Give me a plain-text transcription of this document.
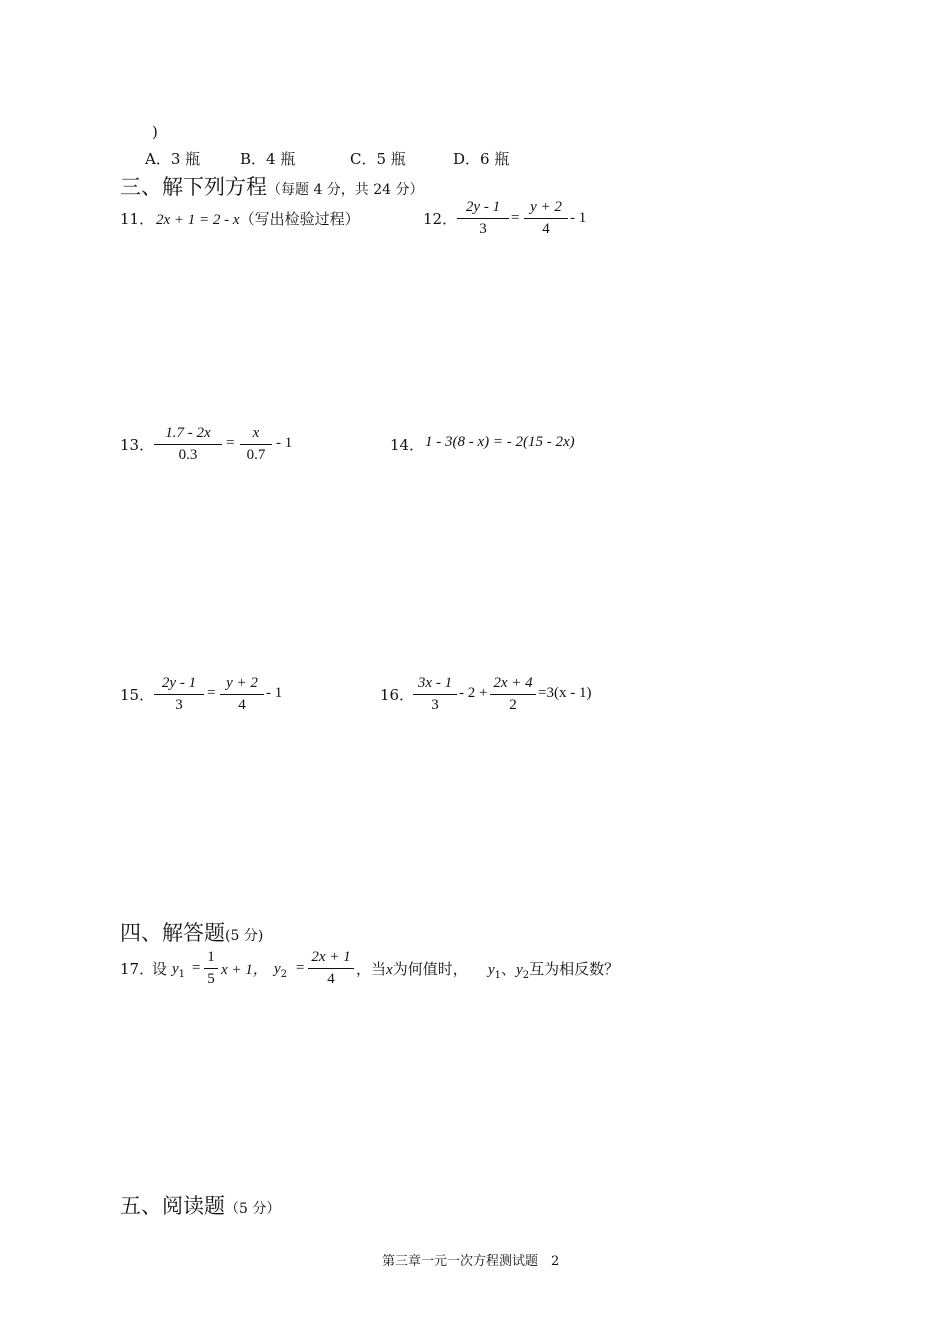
)
A．3 瓶	B．4 瓶	C．5 瓶	D．6 瓶
三、解下列方程（每题 4 分，共 24 分）
11． 2x + 1 = 2 - x（写出检验过程）	12．
2y - 1
3
=
y + 2
4
- 1
13．
1.7 - 2x
0.3
=
x
0.7
- 1	14． 1 - 3(8 - x) = - 2(15 - 2x)
15．
2y - 1
3
=
y + 2
4
- 1	16．
3x - 1
3
- 2 +
2x + 4
2
=3(x - 1)
四、解答题(5 分)
17．
设 $y_1$ =
1
5
x + 1， $y_2$ =
2x + 1
4
，当x为何值时， $y_1$、$y_2$互为相反数？
五、阅读题（5 分）
第三章一元一次方程测试题　2
